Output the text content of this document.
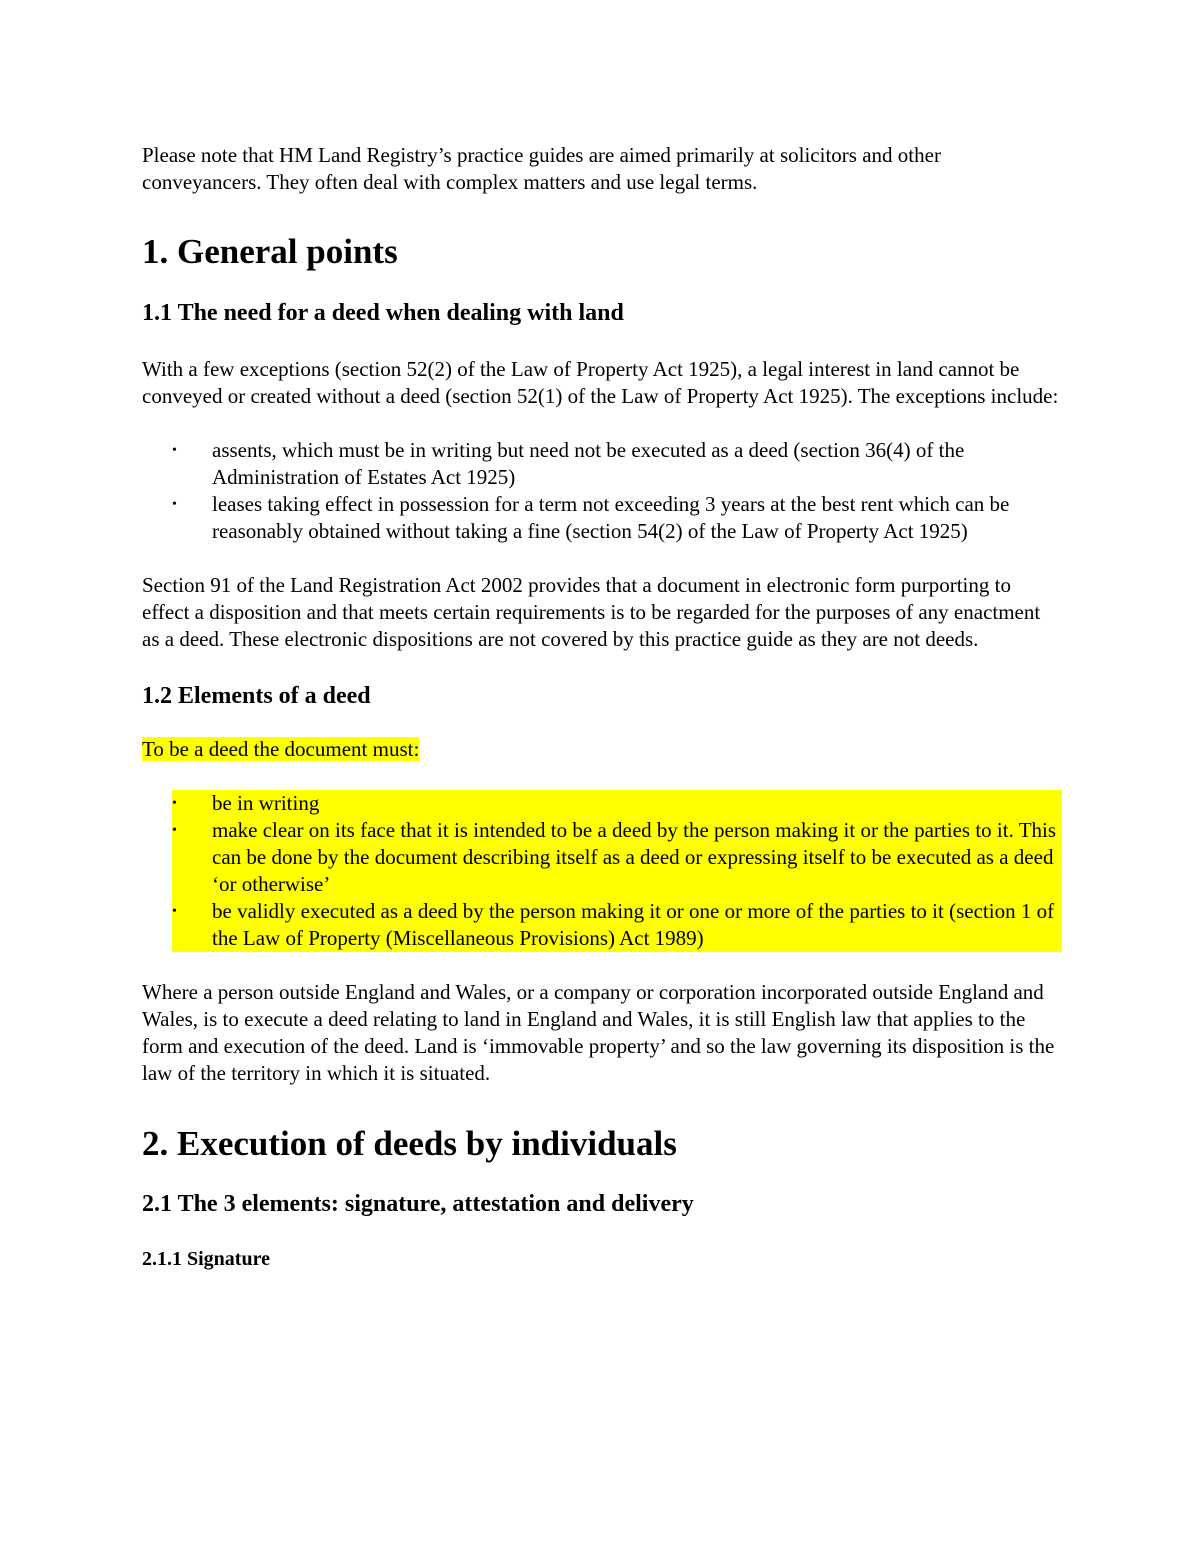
Please note that HM Land Registry’s practice guides are aimed primarily at solicitors and other conveyancers. They often deal with complex matters and use legal terms.

1. General points
1.1 The need for a deed when dealing with land

With a few exceptions (section 52(2) of the Law of Property Act 1925), a legal interest in land cannot be conveyed or created without a deed (section 52(1) of the Law of Property Act 1925). The exceptions include:

• assents, which must be in writing but need not be executed as a deed (section 36(4) of the Administration of Estates Act 1925)
• leases taking effect in possession for a term not exceeding 3 years at the best rent which can be reasonably obtained without taking a fine (section 54(2) of the Law of Property Act 1925)

Section 91 of the Land Registration Act 2002 provides that a document in electronic form purporting to effect a disposition and that meets certain requirements is to be regarded for the purposes of any enactment as a deed. These electronic dispositions are not covered by this practice guide as they are not deeds.

1.2 Elements of a deed

To be a deed the document must:

• be in writing
• make clear on its face that it is intended to be a deed by the person making it or the parties to it. This can be done by the document describing itself as a deed or expressing itself to be executed as a deed ‘or otherwise’
• be validly executed as a deed by the person making it or one or more of the parties to it (section 1 of the Law of Property (Miscellaneous Provisions) Act 1989)

Where a person outside England and Wales, or a company or corporation incorporated outside England and Wales, is to execute a deed relating to land in England and Wales, it is still English law that applies to the form and execution of the deed. Land is ‘immovable property’ and so the law governing its disposition is the law of the territory in which it is situated.

2. Execution of deeds by individuals
2.1 The 3 elements: signature, attestation and delivery
2.1.1 Signature
